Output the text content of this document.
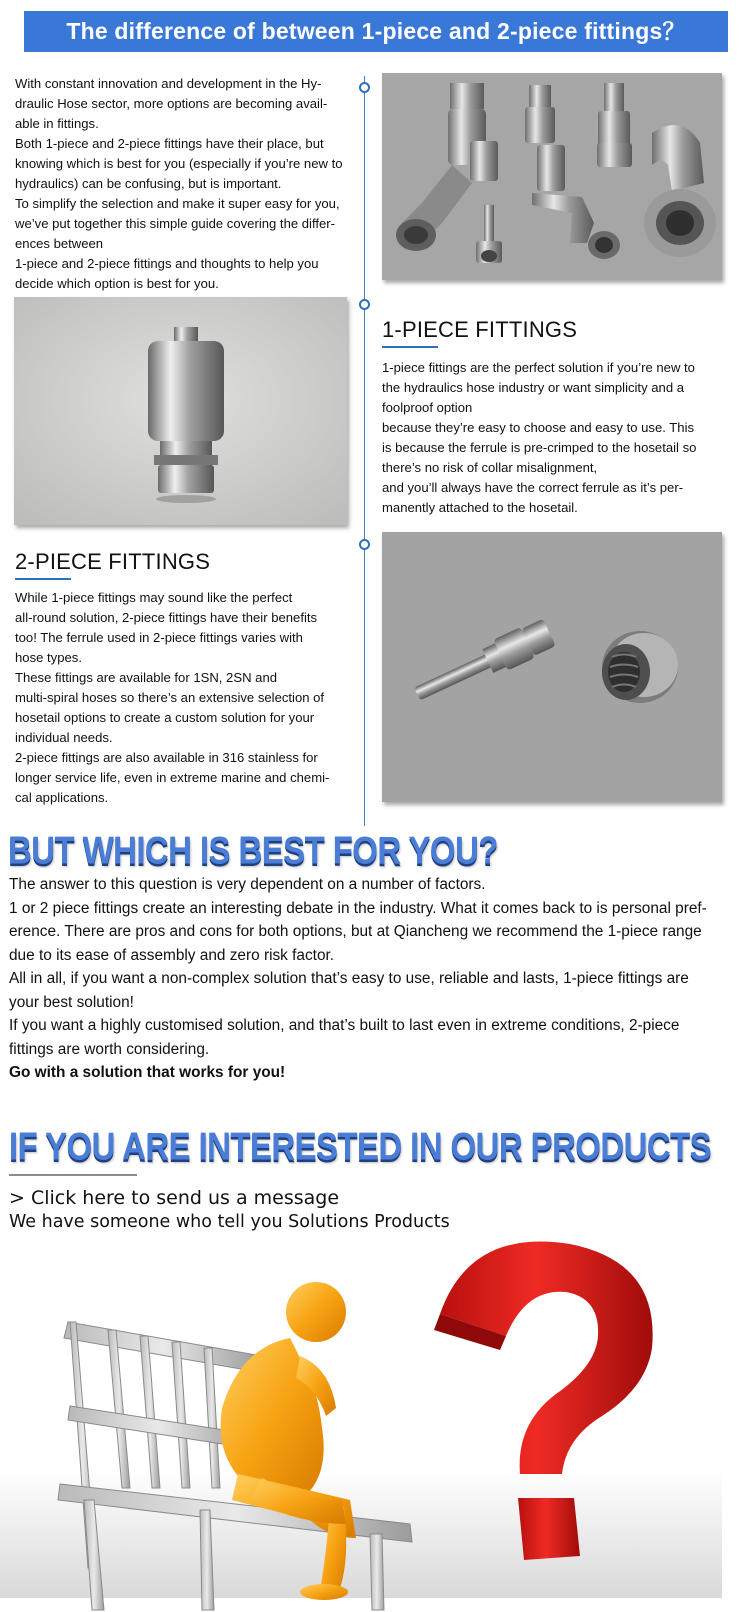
The difference of between 1-piece and 2-piece fittings？

With constant innovation and development in the Hy-
draulic Hose sector, more options are becoming avail-
able in fittings.

Both 1-piece and 2-piece fittings have their place, but
knowing which is best for you (especially if you’re new to
hydraulics) can be confusing, but is important.

To simplify the selection and make it super easy for you,
we’ve put together this simple guide covering the differ-
ences between

1-piece and 2-piece fittings and thoughts to help you
decide which option is best for you.

1-PIECE FITTINGS

1-piece fittings are the perfect solution if you’re new to
the hydraulics hose industry or want simplicity and a
foolproof option

because they’re easy to choose and easy to use. This
is because the ferrule is pre-crimped to the hosetail so
there’s no risk of collar misalignment,

and you’ll always have the correct ferrule as it’s per-
manently attached to the hosetail.

2-PIECE FITTINGS

While 1-piece fittings may sound like the perfect
all-round solution, 2-piece fittings have their benefits
too! The ferrule used in 2-piece fittings varies with
hose types.

These fittings are available for 1SN, 2SN and
multi-spiral hoses so there’s an extensive selection of
hosetail options to create a custom solution for your
individual needs.

2-piece fittings are also available in 316 stainless for
longer service life, even in extreme marine and chemi-
cal applications.

BUT WHICH IS BEST FOR YOU?

The answer to this question is very dependent on a number of factors.

1 or 2 piece fittings create an interesting debate in the industry. What it comes back to is personal pref-
erence. There are pros and cons for both options, but at Qiancheng we recommend the 1-piece range
due to its ease of assembly and zero risk factor.

All in all, if you want a non-complex solution that’s easy to use, reliable and lasts, 1-piece fittings are
your best solution!

If you want a highly customised solution, and that’s built to last even in extreme conditions, 2-piece
fittings are worth considering.

Go with a solution that works for you!

IF YOU ARE INTERESTED IN OUR PRODUCTS
> Click here to send us a message
We have someone who tell you Solutions Products
